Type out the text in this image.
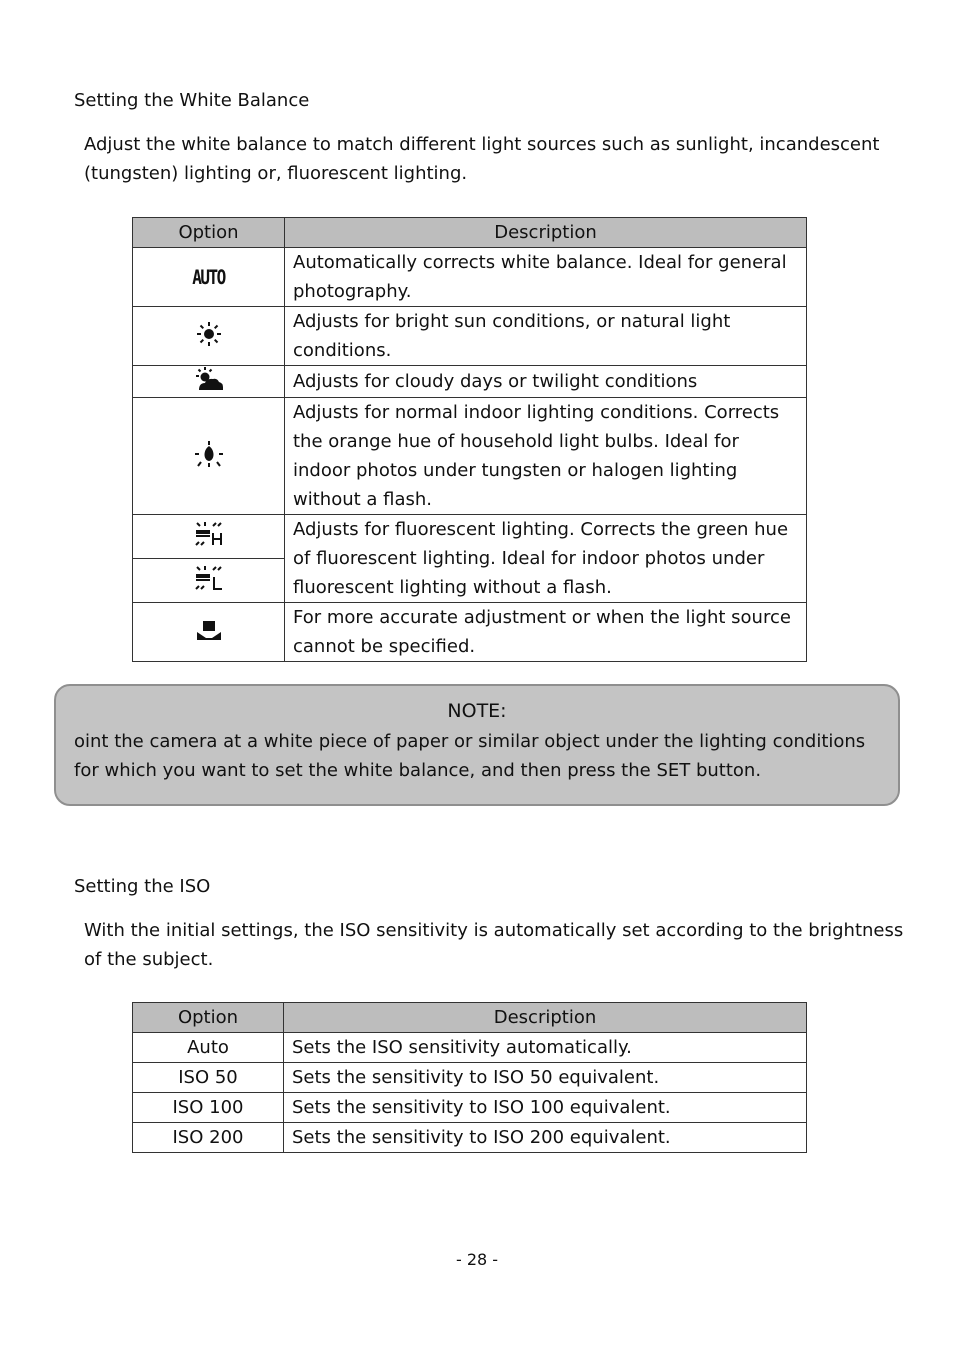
Setting the White Balance
Adjust the white balance to match different light sources such as sunlight, incandescent (tungsten) lighting or, fluorescent lighting.
Option	Description
AUTO	Automatically corrects white balance. Ideal for general photography.
	Adjusts for bright sun conditions, or natural light conditions.
	Adjusts for cloudy days or twilight conditions
	Adjusts for normal indoor lighting conditions. Corrects the orange hue of household light bulbs. Ideal for indoor photos under tungsten or halogen lighting without a flash.
	Adjusts for fluorescent lighting. Corrects the green hue of fluorescent lighting. Ideal for indoor photos under fluorescent lighting without a flash.

	For more accurate adjustment or when the light source cannot be specified.
NOTE:
oint the camera at a white piece of paper or similar object under the lighting conditions for which you want to set the white balance, and then press the SET button.
Setting the ISO
With the initial settings, the ISO sensitivity is automatically set according to the brightness of the subject.
Option	Description
Auto	Sets the ISO sensitivity automatically.
ISO 50	Sets the sensitivity to ISO 50 equivalent.
ISO 100	Sets the sensitivity to ISO 100 equivalent.
ISO 200	Sets the sensitivity to ISO 200 equivalent.
- 28 -
